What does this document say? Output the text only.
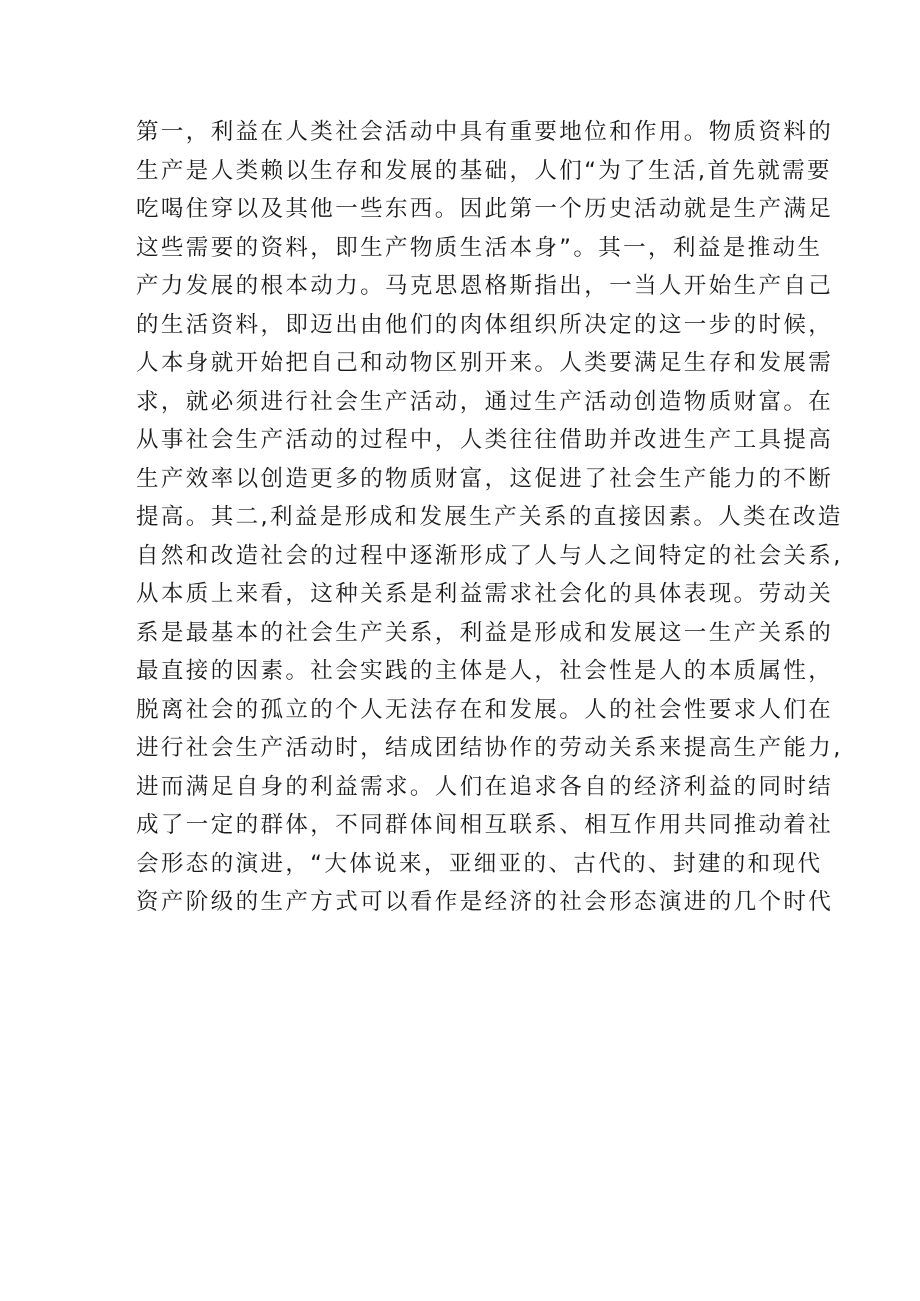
第一，利益在人类社会活动中具有重要地位和作用。物质资料的
生产是人类赖以生存和发展的基础，人们“为了生活,首先就需要
吃喝住穿以及其他一些东西。因此第一个历史活动就是生产满足
这些需要的资料，即生产物质生活本身”。其一，利益是推动生
产力发展的根本动力。马克思恩格斯指出，一当人开始生产自己
的生活资料，即迈出由他们的肉体组织所决定的这一步的时候，
人本身就开始把自己和动物区别开来。人类要满足生存和发展需
求，就必须进行社会生产活动，通过生产活动创造物质财富。在
从事社会生产活动的过程中，人类往往借助并改进生产工具提高
生产效率以创造更多的物质财富，这促进了社会生产能力的不断
提高。其二,利益是形成和发展生产关系的直接因素。人类在改造
自然和改造社会的过程中逐渐形成了人与人之间特定的社会关系,
从本质上来看，这种关系是利益需求社会化的具体表现。劳动关
系是最基本的社会生产关系，利益是形成和发展这一生产关系的
最直接的因素。社会实践的主体是人，社会性是人的本质属性，
脱离社会的孤立的个人无法存在和发展。人的社会性要求人们在
进行社会生产活动时，结成团结协作的劳动关系来提高生产能力,
进而满足自身的利益需求。人们在追求各自的经济利益的同时结
成了一定的群体，不同群体间相互联系、相互作用共同推动着社
会形态的演进，“大体说来，亚细亚的、古代的、封建的和现代
资产阶级的生产方式可以看作是经济的社会形态演进的几个时代
